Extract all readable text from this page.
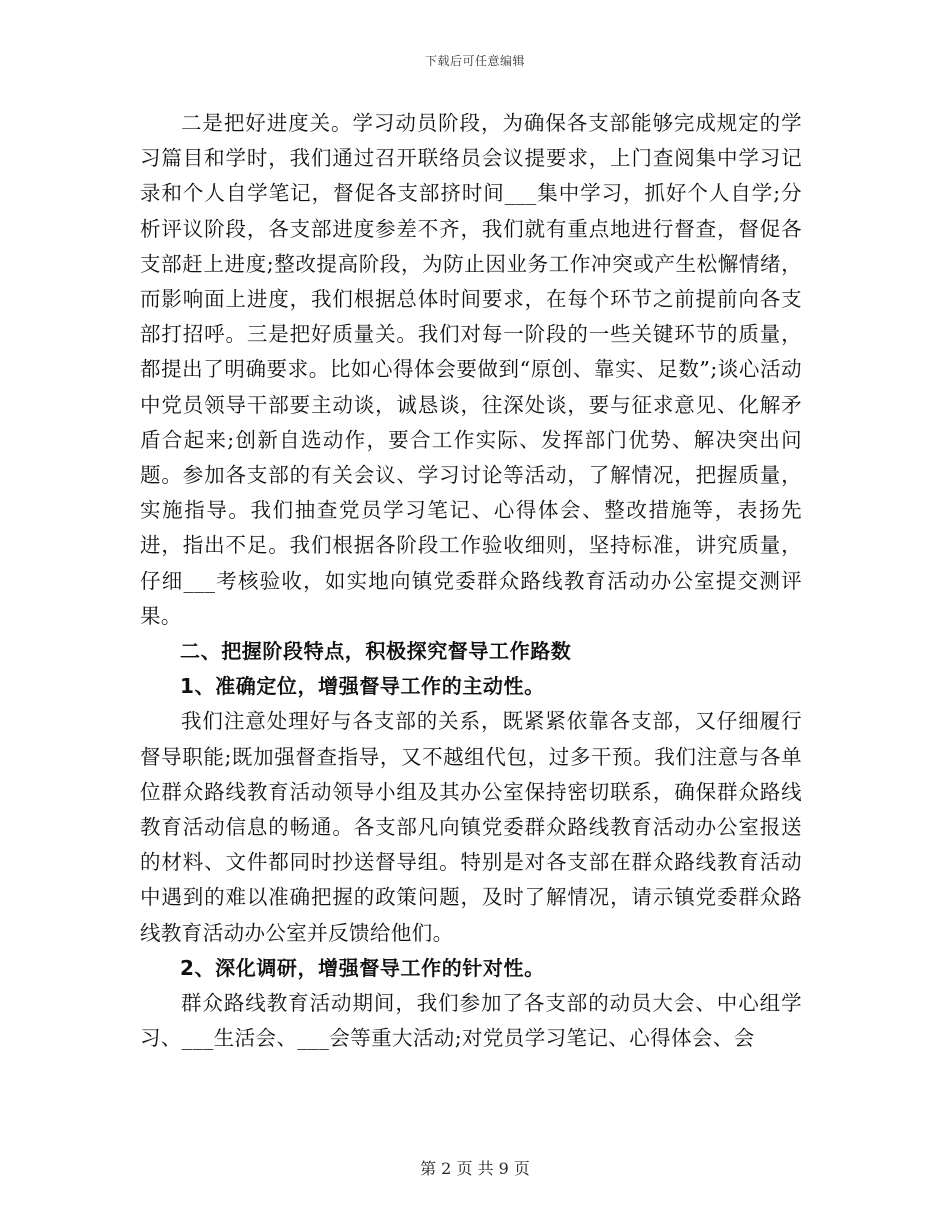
下载后可任意编辑

二是把好进度关。学习动员阶段，为确保各支部能够完成规定的学习篇目和学时，我们通过召开联络员会议提要求，上门查阅集中学习记录和个人自学笔记，督促各支部挤时间___集中学习，抓好个人自学;分析评议阶段，各支部进度参差不齐，我们就有重点地进行督查，督促各支部赶上进度;整改提高阶段，为防止因业务工作冲突或产生松懈情绪，而影响面上进度，我们根据总体时间要求，在每个环节之前提前向各支部打招呼。三是把好质量关。我们对每一阶段的一些关键环节的质量，都提出了明确要求。比如心得体会要做到“原创、靠实、足数”;谈心活动中党员领导干部要主动谈，诚恳谈，往深处谈，要与征求意见、化解矛盾合起来;创新自选动作，要合工作实际、发挥部门优势、解决突出问题。参加各支部的有关会议、学习讨论等活动，了解情况，把握质量，实施指导。我们抽查党员学习笔记、心得体会、整改措施等，表扬先进，指出不足。我们根据各阶段工作验收细则，坚持标准，讲究质量，仔细___考核验收，如实地向镇党委群众路线教育活动办公室提交测评果。

二、把握阶段特点，积极探究督导工作路数

1、准确定位，增强督导工作的主动性。

我们注意处理好与各支部的关系，既紧紧依靠各支部，又仔细履行督导职能;既加强督查指导，又不越组代包，过多干预。我们注意与各单位群众路线教育活动领导小组及其办公室保持密切联系，确保群众路线教育活动信息的畅通。各支部凡向镇党委群众路线教育活动办公室报送的材料、文件都同时抄送督导组。特别是对各支部在群众路线教育活动中遇到的难以准确把握的政策问题，及时了解情况，请示镇党委群众路线教育活动办公室并反馈给他们。

2、深化调研，增强督导工作的针对性。

群众路线教育活动期间，我们参加了各支部的动员大会、中心组学习、___生活会、___会等重大活动;对党员学习笔记、心得体会、会

第 2 页 共 9 页
